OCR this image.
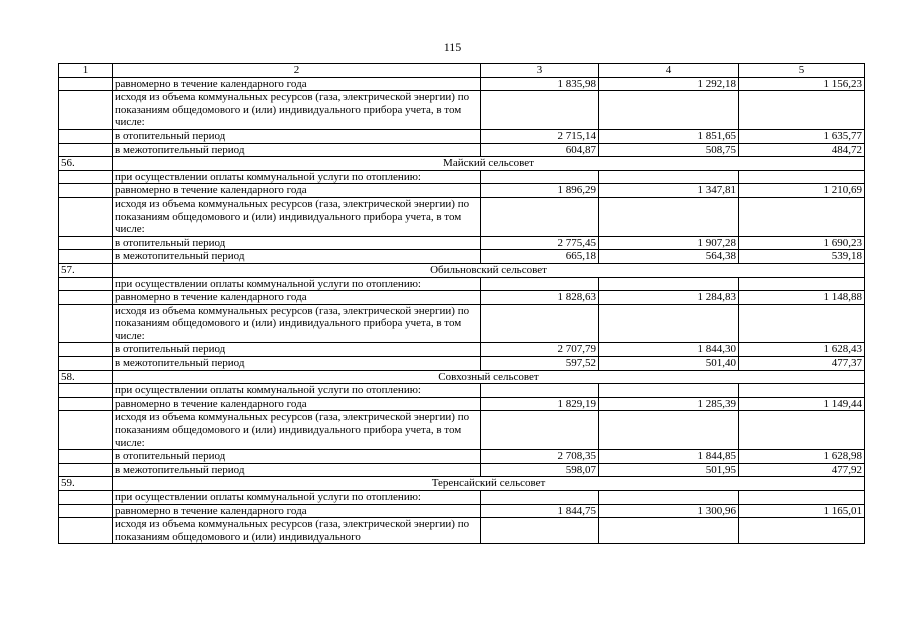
115
1	2	3	4	5
	равномерно в течение календарного года	1 835,98	1 292,18	1 156,23
	исходя из объема коммунальных ресурсов (газа, электрической энергии) по показаниям общедомового и (или) индивидуального прибора учета, в том числе:			
	в отопительный период	2 715,14	1 851,65	1 635,77
	в межотопительный период	604,87	508,75	484,72
56.	Майский сельсовет			
	при осуществлении оплаты коммунальной услуги по отоплению:			
	равномерно в течение календарного года	1 896,29	1 347,81	1 210,69
	исходя из объема коммунальных ресурсов (газа, электрической энергии) по показаниям общедомового и (или) индивидуального прибора учета, в том числе:			
	в отопительный период	2 775,45	1 907,28	1 690,23
	в межотопительный период	665,18	564,38	539,18
57.	Обильновский сельсовет			
	при осуществлении оплаты коммунальной услуги по отоплению:			
	равномерно в течение календарного года	1 828,63	1 284,83	1 148,88
	исходя из объема коммунальных ресурсов (газа, электрической энергии) по показаниям общедомового и (или) индивидуального прибора учета, в том числе:			
	в отопительный период	2 707,79	1 844,30	1 628,43
	в межотопительный период	597,52	501,40	477,37
58.	Совхозный сельсовет			
	при осуществлении оплаты коммунальной услуги по отоплению:			
	равномерно в течение календарного года	1 829,19	1 285,39	1 149,44
	исходя из объема коммунальных ресурсов (газа, электрической энергии) по показаниям общедомового и (или) индивидуального прибора учета, в том числе:			
	в отопительный период	2 708,35	1 844,85	1 628,98
	в межотопительный период	598,07	501,95	477,92
59.	Теренсайский сельсовет			
	при осуществлении оплаты коммунальной услуги по отоплению:			
	равномерно в течение календарного года	1 844,75	1 300,96	1 165,01
	исходя из объема коммунальных ресурсов (газа, электрической энергии) по показаниям общедомового и (или) индивидуального			
